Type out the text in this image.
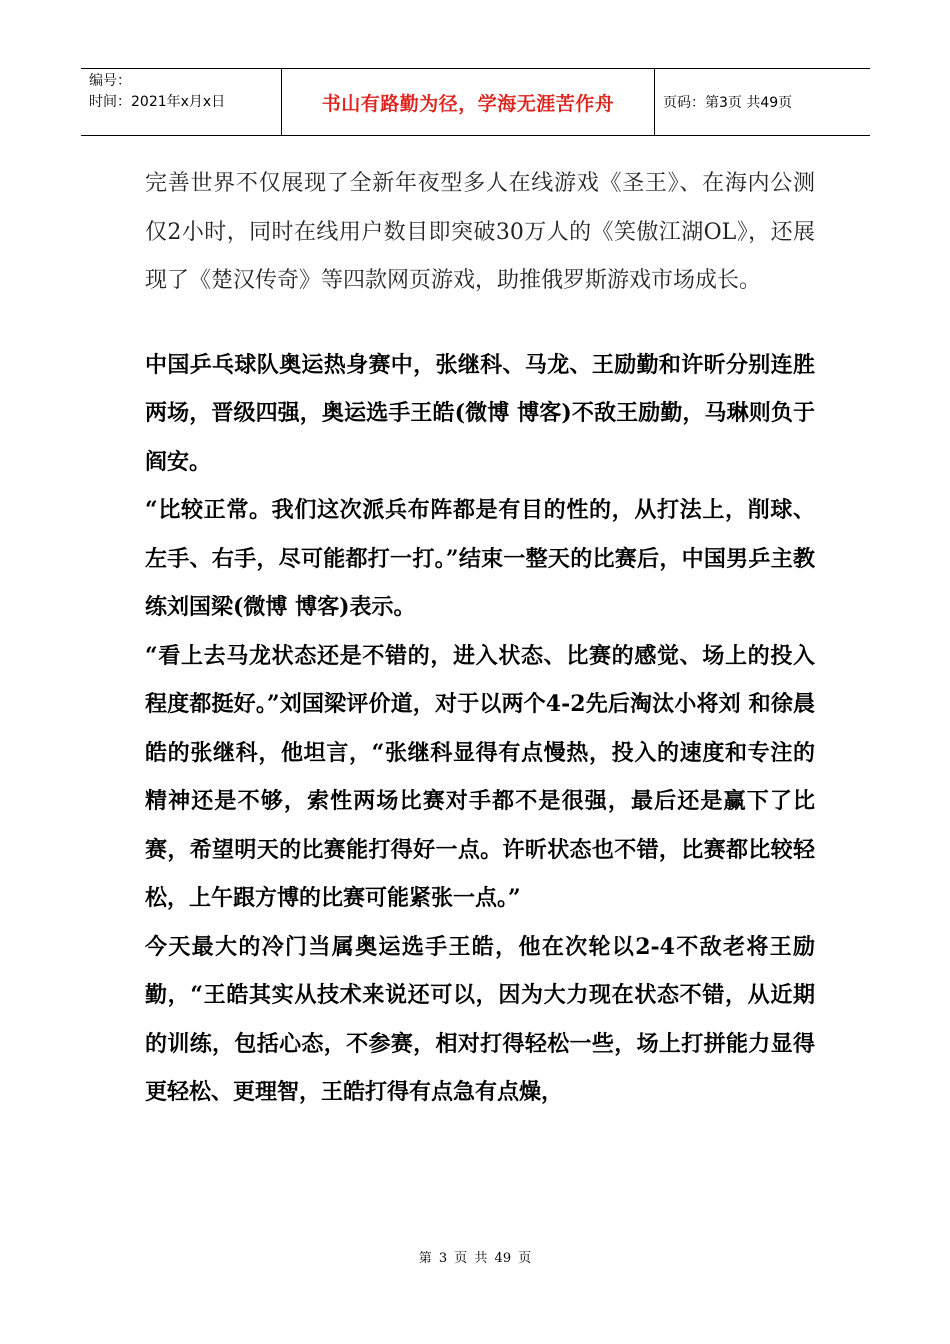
编号：
时间：2021年x月x日	书山有路勤为径，学海无涯苦作舟	页码：第3页 共49页

完善世界不仅展现了全新年夜型多人在线游戏《圣王》、在海内公测仅2小时，同时在线用户数目即突破30万人的《笑傲江湖OL》，还展现了《楚汉传奇》等四款网页游戏，助推俄罗斯游戏市场成长。

中国乒乓球队奥运热身赛中，张继科、马龙、王励勤和许昕分别连胜两场，晋级四强，奥运选手王皓(微博 博客)不敌王励勤，马琳则负于阎安。

“比较正常。我们这次派兵布阵都是有目的性的，从打法上，削球、左手、右手，尽可能都打一打。”结束一整天的比赛后，中国男乒主教练刘国梁(微博 博客)表示。

“看上去马龙状态还是不错的，进入状态、比赛的感觉、场上的投入程度都挺好。”刘国梁评价道，对于以两个4-2先后淘汰小将刘 和徐晨皓的张继科，他坦言，“张继科显得有点慢热，投入的速度和专注的精神还是不够，索性两场比赛对手都不是很强，最后还是赢下了比赛，希望明天的比赛能打得好一点。许昕状态也不错，比赛都比较轻松，上午跟方博的比赛可能紧张一点。”

今天最大的冷门当属奥运选手王皓，他在次轮以2-4不敌老将王励勤，“王皓其实从技术来说还可以，因为大力现在状态不错，从近期的训练，包括心态，不参赛，相对打得轻松一些，场上打拼能力显得更轻松、更理智，王皓打得有点急有点燥，

第 3 页 共 49 页
